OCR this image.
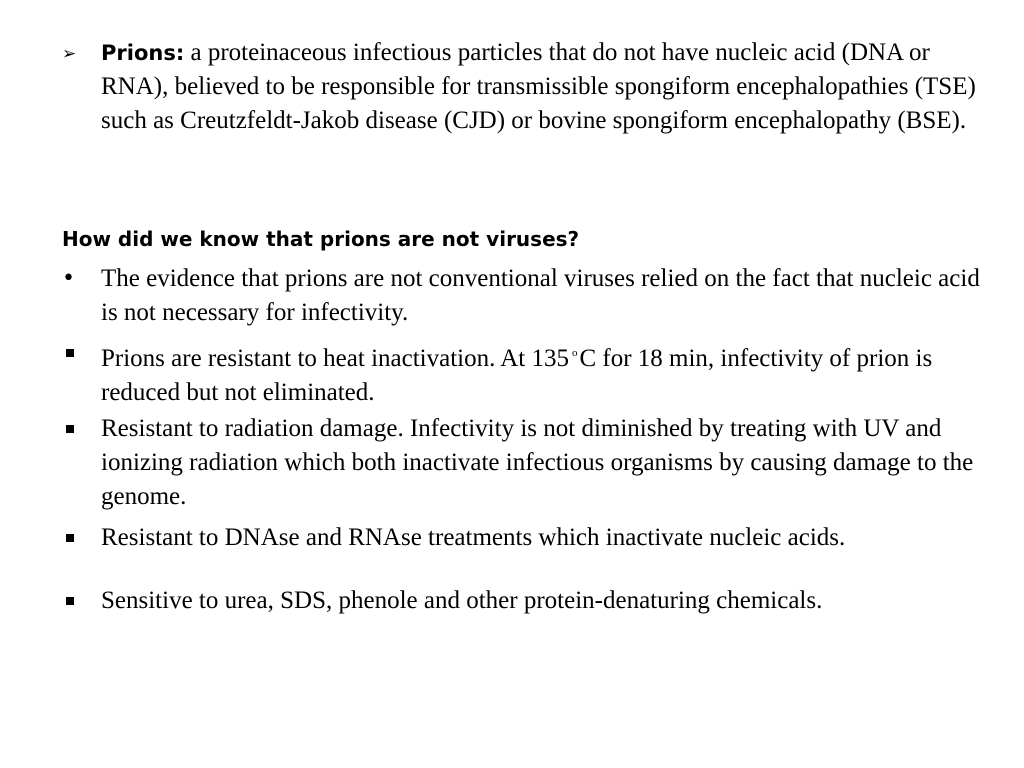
➢	Prions: a proteinaceous infectious particles that do not have nucleic acid (DNA or RNA), believed to be responsible for transmissible spongiform encephalopathies (TSE) such as Creutzfeldt-Jakob disease (CJD) or bovine spongiform encephalopathy (BSE).
How did we know that prions are not viruses?
•	The evidence that prions are not conventional viruses relied on the fact that nucleic acid is not necessary for infectivity.
Prions are resistant to heat inactivation. At 135 $^o$C for 18 min, infectivity of prion is reduced but not eliminated.
Resistant to radiation damage. Infectivity is not diminished by treating with UV and ionizing radiation which both inactivate infectious organisms by causing damage to the genome.
Resistant to DNAse and RNAse treatments which inactivate nucleic acids.
Sensitive to urea, SDS, phenole and other protein-denaturing chemicals.
